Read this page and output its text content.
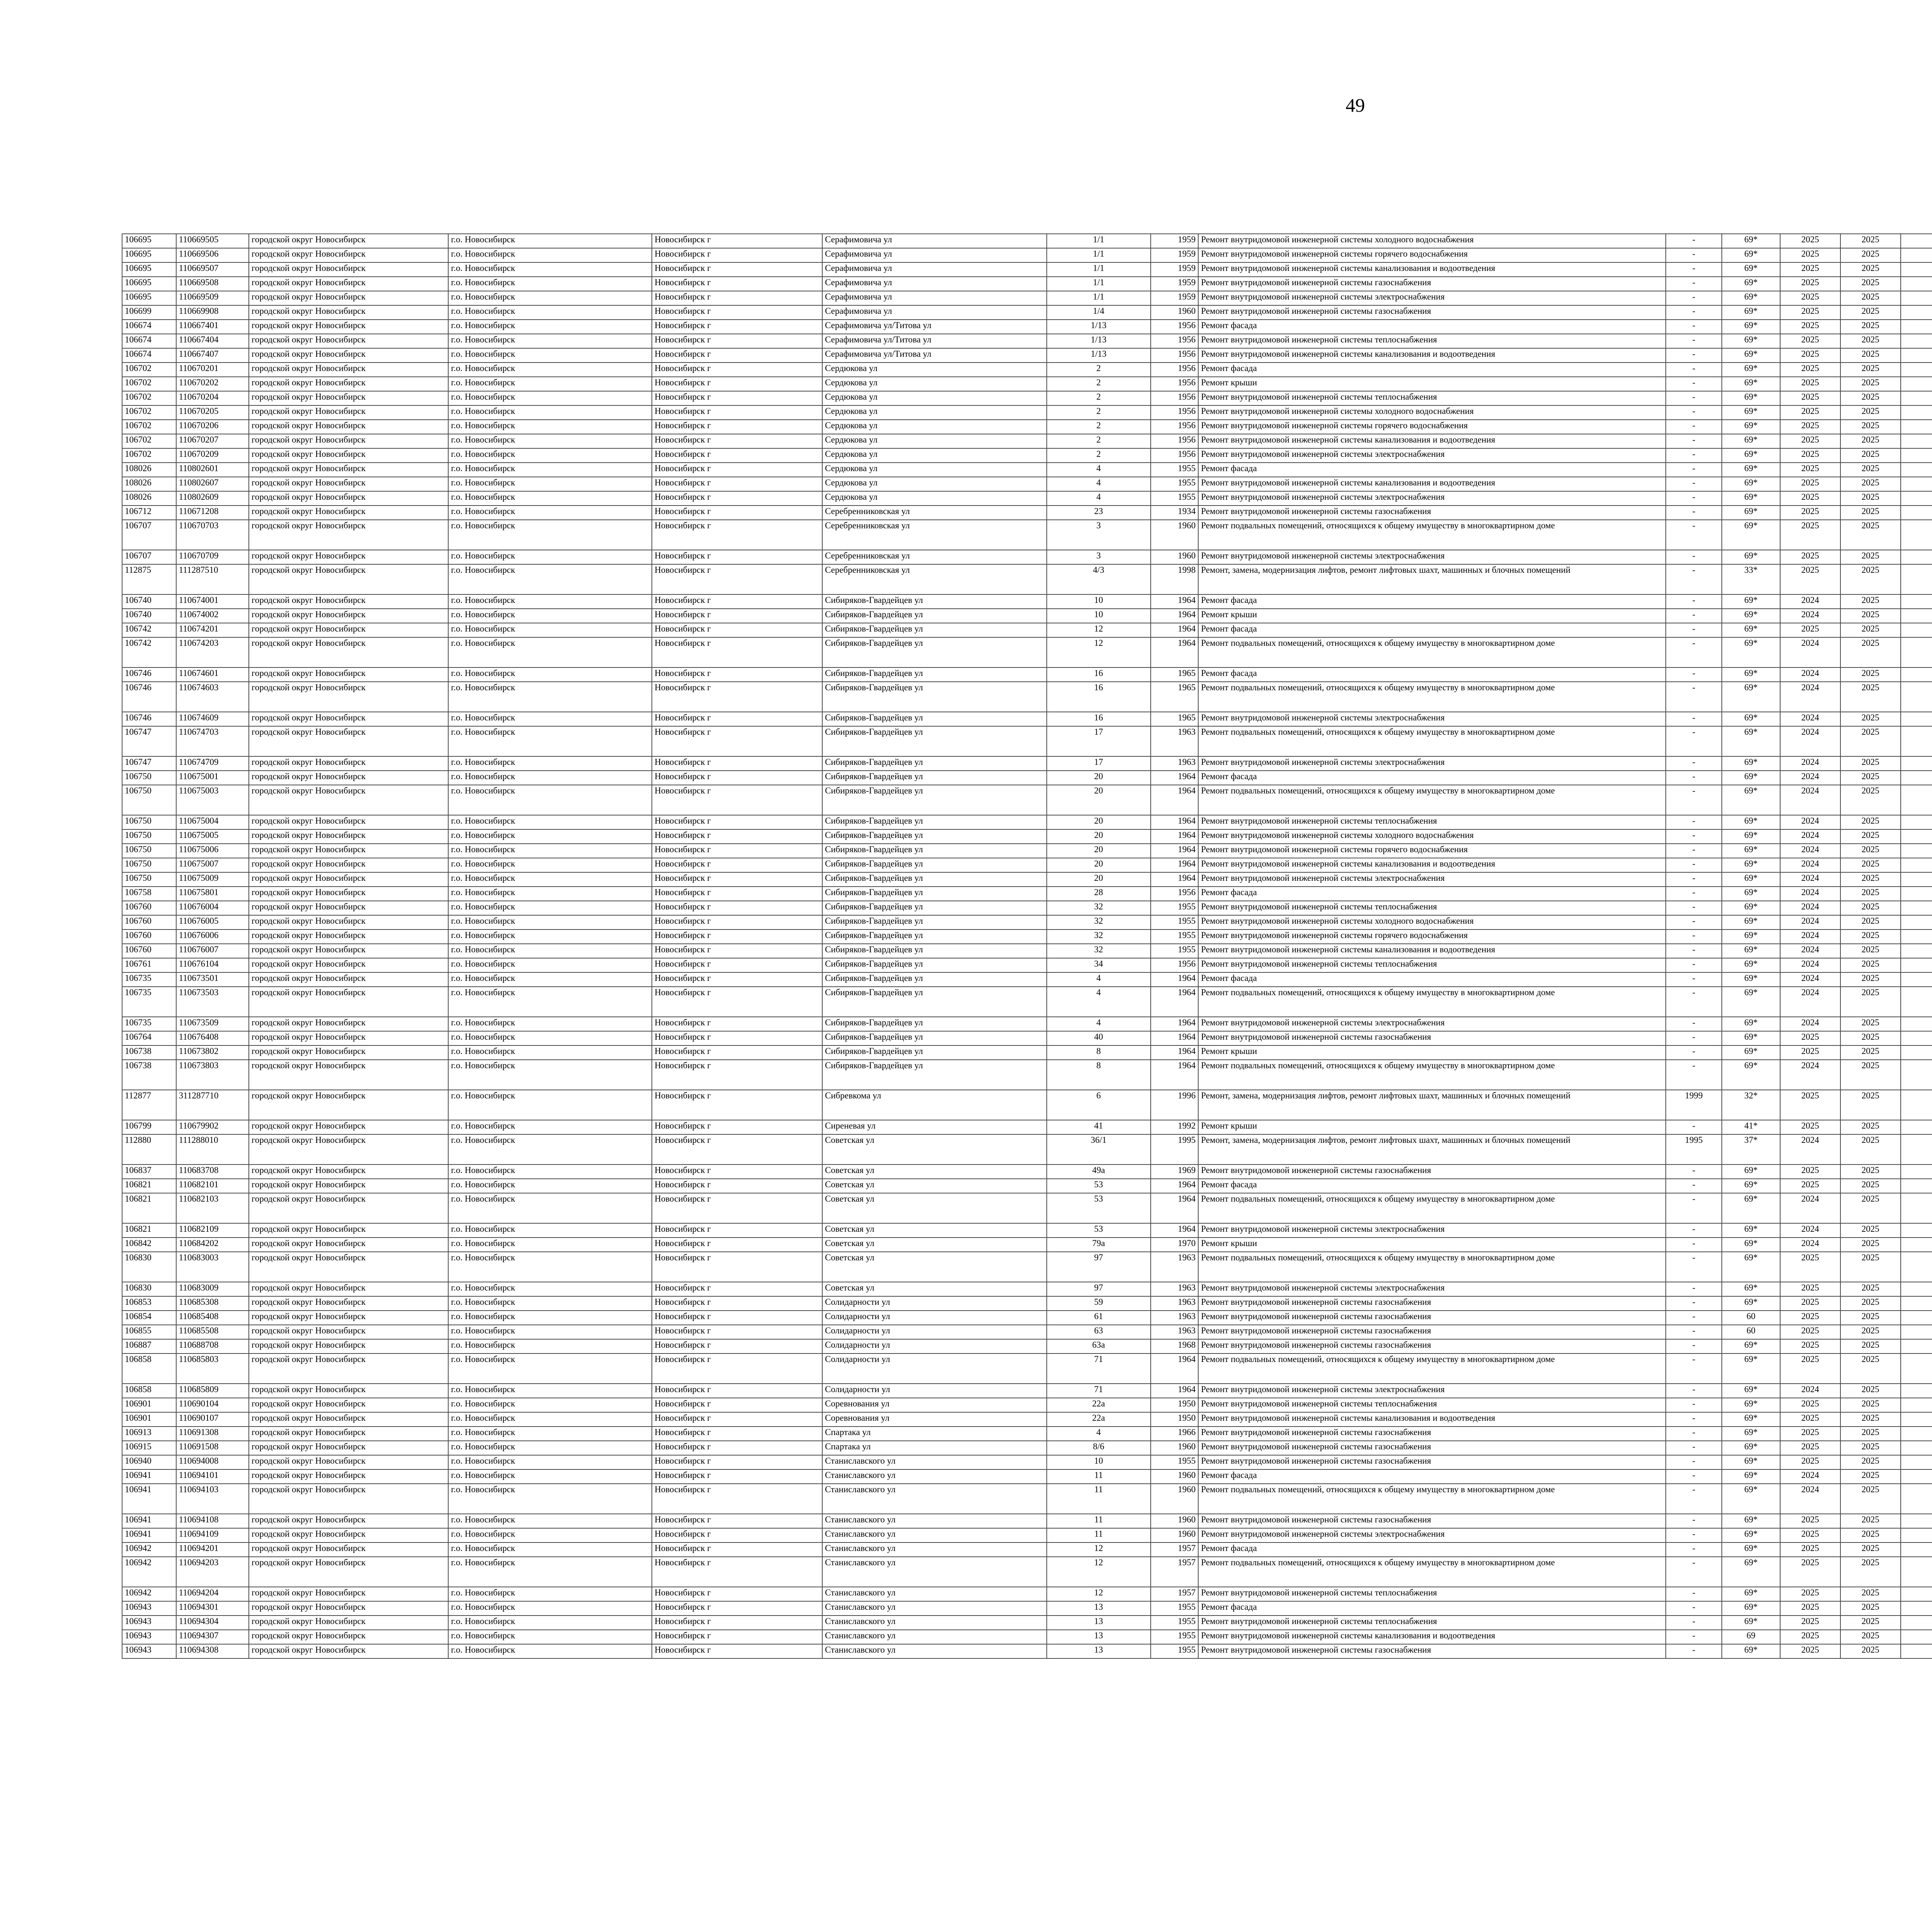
49
106695	110669505	городской округ Новосибирск	г.о. Новосибирск	Новосибирск г	Серафимовича ул	1/1	1959	Ремонт внутридомовой инженерной системы холодного водоснабжения	-	69*	2025	2025							
106695	110669506	городской округ Новосибирск	г.о. Новосибирск	Новосибирск г	Серафимовича ул	1/1	1959	Ремонт внутридомовой инженерной системы горячего водоснабжения	-	69*	2025	2025							
106695	110669507	городской округ Новосибирск	г.о. Новосибирск	Новосибирск г	Серафимовича ул	1/1	1959	Ремонт внутридомовой инженерной системы канализования и водоотведения	-	69*	2025	2025							
106695	110669508	городской округ Новосибирск	г.о. Новосибирск	Новосибирск г	Серафимовича ул	1/1	1959	Ремонт внутридомовой инженерной системы газоснабжения	-	69*	2025	2025							
106695	110669509	городской округ Новосибирск	г.о. Новосибирск	Новосибирск г	Серафимовича ул	1/1	1959	Ремонт внутридомовой инженерной системы электроснабжения	-	69*	2025	2025							
106699	110669908	городской округ Новосибирск	г.о. Новосибирск	Новосибирск г	Серафимовича ул	1/4	1960	Ремонт внутридомовой инженерной системы газоснабжения	-	69*	2025	2025							
106674	110667401	городской округ Новосибирск	г.о. Новосибирск	Новосибирск г	Серафимовича ул/Титова ул	1/13	1956	Ремонт фасада	-	69*	2025	2025							
106674	110667404	городской округ Новосибирск	г.о. Новосибирск	Новосибирск г	Серафимовича ул/Титова ул	1/13	1956	Ремонт внутридомовой инженерной системы теплоснабжения	-	69*	2025	2025							
106674	110667407	городской округ Новосибирск	г.о. Новосибирск	Новосибирск г	Серафимовича ул/Титова ул	1/13	1956	Ремонт внутридомовой инженерной системы канализования и водоотведения	-	69*	2025	2025							
106702	110670201	городской округ Новосибирск	г.о. Новосибирск	Новосибирск г	Сердюкова ул	2	1956	Ремонт фасада	-	69*	2025	2025							
106702	110670202	городской округ Новосибирск	г.о. Новосибирск	Новосибирск г	Сердюкова ул	2	1956	Ремонт крыши	-	69*	2025	2025							
106702	110670204	городской округ Новосибирск	г.о. Новосибирск	Новосибирск г	Сердюкова ул	2	1956	Ремонт внутридомовой инженерной системы теплоснабжения	-	69*	2025	2025							
106702	110670205	городской округ Новосибирск	г.о. Новосибирск	Новосибирск г	Сердюкова ул	2	1956	Ремонт внутридомовой инженерной системы холодного водоснабжения	-	69*	2025	2025							
106702	110670206	городской округ Новосибирск	г.о. Новосибирск	Новосибирск г	Сердюкова ул	2	1956	Ремонт внутридомовой инженерной системы горячего водоснабжения	-	69*	2025	2025							
106702	110670207	городской округ Новосибирск	г.о. Новосибирск	Новосибирск г	Сердюкова ул	2	1956	Ремонт внутридомовой инженерной системы канализования и водоотведения	-	69*	2025	2025							
106702	110670209	городской округ Новосибирск	г.о. Новосибирск	Новосибирск г	Сердюкова ул	2	1956	Ремонт внутридомовой инженерной системы электроснабжения	-	69*	2025	2025							
108026	110802601	городской округ Новосибирск	г.о. Новосибирск	Новосибирск г	Сердюкова ул	4	1955	Ремонт фасада	-	69*	2025	2025							
108026	110802607	городской округ Новосибирск	г.о. Новосибирск	Новосибирск г	Сердюкова ул	4	1955	Ремонт внутридомовой инженерной системы канализования и водоотведения	-	69*	2025	2025							
108026	110802609	городской округ Новосибирск	г.о. Новосибирск	Новосибирск г	Сердюкова ул	4	1955	Ремонт внутридомовой инженерной системы электроснабжения	-	69*	2025	2025							
106712	110671208	городской округ Новосибирск	г.о. Новосибирск	Новосибирск г	Серебренниковская ул	23	1934	Ремонт внутридомовой инженерной системы газоснабжения	-	69*	2025	2025							
106707	110670703	городской округ Новосибирск	г.о. Новосибирск	Новосибирск г	Серебренниковская ул	3	1960	Ремонт подвальных помещений, относящихся к общему имуществу в многоквартирном доме	-	69*	2025	2025							
106707	110670709	городской округ Новосибирск	г.о. Новосибирск	Новосибирск г	Серебренниковская ул	3	1960	Ремонт внутридомовой инженерной системы электроснабжения	-	69*	2025	2025							
112875	111287510	городской округ Новосибирск	г.о. Новосибирск	Новосибирск г	Серебренниковская ул	4/3	1998	Ремонт, замена, модернизация лифтов, ремонт лифтовых шахт, машинных и блочных помещений	-	33*	2025	2025							
106740	110674001	городской округ Новосибирск	г.о. Новосибирск	Новосибирск г	Сибиряков-Гвардейцев ул	10	1964	Ремонт фасада	-	69*	2024	2025							
106740	110674002	городской округ Новосибирск	г.о. Новосибирск	Новосибирск г	Сибиряков-Гвардейцев ул	10	1964	Ремонт крыши	-	69*	2024	2025							
106742	110674201	городской округ Новосибирск	г.о. Новосибирск	Новосибирск г	Сибиряков-Гвардейцев ул	12	1964	Ремонт фасада	-	69*	2025	2025							
106742	110674203	городской округ Новосибирск	г.о. Новосибирск	Новосибирск г	Сибиряков-Гвардейцев ул	12	1964	Ремонт подвальных помещений, относящихся к общему имуществу в многоквартирном доме	-	69*	2024	2025							
106746	110674601	городской округ Новосибирск	г.о. Новосибирск	Новосибирск г	Сибиряков-Гвардейцев ул	16	1965	Ремонт фасада	-	69*	2024	2025							
106746	110674603	городской округ Новосибирск	г.о. Новосибирск	Новосибирск г	Сибиряков-Гвардейцев ул	16	1965	Ремонт подвальных помещений, относящихся к общему имуществу в многоквартирном доме	-	69*	2024	2025							
106746	110674609	городской округ Новосибирск	г.о. Новосибирск	Новосибирск г	Сибиряков-Гвардейцев ул	16	1965	Ремонт внутридомовой инженерной системы электроснабжения	-	69*	2024	2025							
106747	110674703	городской округ Новосибирск	г.о. Новосибирск	Новосибирск г	Сибиряков-Гвардейцев ул	17	1963	Ремонт подвальных помещений, относящихся к общему имуществу в многоквартирном доме	-	69*	2024	2025							
106747	110674709	городской округ Новосибирск	г.о. Новосибирск	Новосибирск г	Сибиряков-Гвардейцев ул	17	1963	Ремонт внутридомовой инженерной системы электроснабжения	-	69*	2024	2025							
106750	110675001	городской округ Новосибирск	г.о. Новосибирск	Новосибирск г	Сибиряков-Гвардейцев ул	20	1964	Ремонт фасада	-	69*	2024	2025							
106750	110675003	городской округ Новосибирск	г.о. Новосибирск	Новосибирск г	Сибиряков-Гвардейцев ул	20	1964	Ремонт подвальных помещений, относящихся к общему имуществу в многоквартирном доме	-	69*	2024	2025							
106750	110675004	городской округ Новосибирск	г.о. Новосибирск	Новосибирск г	Сибиряков-Гвардейцев ул	20	1964	Ремонт внутридомовой инженерной системы теплоснабжения	-	69*	2024	2025							
106750	110675005	городской округ Новосибирск	г.о. Новосибирск	Новосибирск г	Сибиряков-Гвардейцев ул	20	1964	Ремонт внутридомовой инженерной системы холодного водоснабжения	-	69*	2024	2025							
106750	110675006	городской округ Новосибирск	г.о. Новосибирск	Новосибирск г	Сибиряков-Гвардейцев ул	20	1964	Ремонт внутридомовой инженерной системы горячего водоснабжения	-	69*	2024	2025							
106750	110675007	городской округ Новосибирск	г.о. Новосибирск	Новосибирск г	Сибиряков-Гвардейцев ул	20	1964	Ремонт внутридомовой инженерной системы канализования и водоотведения	-	69*	2024	2025							
106750	110675009	городской округ Новосибирск	г.о. Новосибирск	Новосибирск г	Сибиряков-Гвардейцев ул	20	1964	Ремонт внутридомовой инженерной системы электроснабжения	-	69*	2024	2025							
106758	110675801	городской округ Новосибирск	г.о. Новосибирск	Новосибирск г	Сибиряков-Гвардейцев ул	28	1956	Ремонт фасада	-	69*	2024	2025							
106760	110676004	городской округ Новосибирск	г.о. Новосибирск	Новосибирск г	Сибиряков-Гвардейцев ул	32	1955	Ремонт внутридомовой инженерной системы теплоснабжения	-	69*	2024	2025							
106760	110676005	городской округ Новосибирск	г.о. Новосибирск	Новосибирск г	Сибиряков-Гвардейцев ул	32	1955	Ремонт внутридомовой инженерной системы холодного водоснабжения	-	69*	2024	2025							
106760	110676006	городской округ Новосибирск	г.о. Новосибирск	Новосибирск г	Сибиряков-Гвардейцев ул	32	1955	Ремонт внутридомовой инженерной системы горячего водоснабжения	-	69*	2024	2025							
106760	110676007	городской округ Новосибирск	г.о. Новосибирск	Новосибирск г	Сибиряков-Гвардейцев ул	32	1955	Ремонт внутридомовой инженерной системы канализования и водоотведения	-	69*	2024	2025							
106761	110676104	городской округ Новосибирск	г.о. Новосибирск	Новосибирск г	Сибиряков-Гвардейцев ул	34	1956	Ремонт внутридомовой инженерной системы теплоснабжения	-	69*	2024	2025							
106735	110673501	городской округ Новосибирск	г.о. Новосибирск	Новосибирск г	Сибиряков-Гвардейцев ул	4	1964	Ремонт фасада	-	69*	2024	2025							
106735	110673503	городской округ Новосибирск	г.о. Новосибирск	Новосибирск г	Сибиряков-Гвардейцев ул	4	1964	Ремонт подвальных помещений, относящихся к общему имуществу в многоквартирном доме	-	69*	2024	2025							
106735	110673509	городской округ Новосибирск	г.о. Новосибирск	Новосибирск г	Сибиряков-Гвардейцев ул	4	1964	Ремонт внутридомовой инженерной системы электроснабжения	-	69*	2024	2025							
106764	110676408	городской округ Новосибирск	г.о. Новосибирск	Новосибирск г	Сибиряков-Гвардейцев ул	40	1964	Ремонт внутридомовой инженерной системы газоснабжения	-	69*	2025	2025							
106738	110673802	городской округ Новосибирск	г.о. Новосибирск	Новосибирск г	Сибиряков-Гвардейцев ул	8	1964	Ремонт крыши	-	69*	2025	2025							
106738	110673803	городской округ Новосибирск	г.о. Новосибирск	Новосибирск г	Сибиряков-Гвардейцев ул	8	1964	Ремонт подвальных помещений, относящихся к общему имуществу в многоквартирном доме	-	69*	2024	2025							
112877	311287710	городской округ Новосибирск	г.о. Новосибирск	Новосибирск г	Сибревкома ул	6	1996	Ремонт, замена, модернизация лифтов, ремонт лифтовых шахт, машинных и блочных помещений	1999	32*	2025	2025							
106799	110679902	городской округ Новосибирск	г.о. Новосибирск	Новосибирск г	Сиреневая ул	41	1992	Ремонт крыши	-	41*	2025	2025							
112880	111288010	городской округ Новосибирск	г.о. Новосибирск	Новосибирск г	Советская ул	36/1	1995	Ремонт, замена, модернизация лифтов, ремонт лифтовых шахт, машинных и блочных помещений	1995	37*	2024	2025							
106837	110683708	городской округ Новосибирск	г.о. Новосибирск	Новосибирск г	Советская ул	49а	1969	Ремонт внутридомовой инженерной системы газоснабжения	-	69*	2025	2025							
106821	110682101	городской округ Новосибирск	г.о. Новосибирск	Новосибирск г	Советская ул	53	1964	Ремонт фасада	-	69*	2025	2025							
106821	110682103	городской округ Новосибирск	г.о. Новосибирск	Новосибирск г	Советская ул	53	1964	Ремонт подвальных помещений, относящихся к общему имуществу в многоквартирном доме	-	69*	2024	2025							
106821	110682109	городской округ Новосибирск	г.о. Новосибирск	Новосибирск г	Советская ул	53	1964	Ремонт внутридомовой инженерной системы электроснабжения	-	69*	2024	2025							
106842	110684202	городской округ Новосибирск	г.о. Новосибирск	Новосибирск г	Советская ул	79а	1970	Ремонт крыши	-	69*	2024	2025							
106830	110683003	городской округ Новосибирск	г.о. Новосибирск	Новосибирск г	Советская ул	97	1963	Ремонт подвальных помещений, относящихся к общему имуществу в многоквартирном доме	-	69*	2025	2025							
106830	110683009	городской округ Новосибирск	г.о. Новосибирск	Новосибирск г	Советская ул	97	1963	Ремонт внутридомовой инженерной системы электроснабжения	-	69*	2025	2025							
106853	110685308	городской округ Новосибирск	г.о. Новосибирск	Новосибирск г	Солидарности ул	59	1963	Ремонт внутридомовой инженерной системы газоснабжения	-	69*	2025	2025							
106854	110685408	городской округ Новосибирск	г.о. Новосибирск	Новосибирск г	Солидарности ул	61	1963	Ремонт внутридомовой инженерной системы газоснабжения	-	60	2025	2025							
106855	110685508	городской округ Новосибирск	г.о. Новосибирск	Новосибирск г	Солидарности ул	63	1963	Ремонт внутридомовой инженерной системы газоснабжения	-	60	2025	2025							
106887	110688708	городской округ Новосибирск	г.о. Новосибирск	Новосибирск г	Солидарности ул	63а	1968	Ремонт внутридомовой инженерной системы газоснабжения	-	69*	2025	2025							
106858	110685803	городской округ Новосибирск	г.о. Новосибирск	Новосибирск г	Солидарности ул	71	1964	Ремонт подвальных помещений, относящихся к общему имуществу в многоквартирном доме	-	69*	2025	2025							
106858	110685809	городской округ Новосибирск	г.о. Новосибирск	Новосибирск г	Солидарности ул	71	1964	Ремонт внутридомовой инженерной системы электроснабжения	-	69*	2024	2025							
106901	110690104	городской округ Новосибирск	г.о. Новосибирск	Новосибирск г	Соревнования ул	22а	1950	Ремонт внутридомовой инженерной системы теплоснабжения	-	69*	2025	2025							
106901	110690107	городской округ Новосибирск	г.о. Новосибирск	Новосибирск г	Соревнования ул	22а	1950	Ремонт внутридомовой инженерной системы канализования и водоотведения	-	69*	2025	2025							
106913	110691308	городской округ Новосибирск	г.о. Новосибирск	Новосибирск г	Спартака ул	4	1966	Ремонт внутридомовой инженерной системы газоснабжения	-	69*	2025	2025							
106915	110691508	городской округ Новосибирск	г.о. Новосибирск	Новосибирск г	Спартака ул	8/6	1960	Ремонт внутридомовой инженерной системы газоснабжения	-	69*	2025	2025							
106940	110694008	городской округ Новосибирск	г.о. Новосибирск	Новосибирск г	Станиславского ул	10	1955	Ремонт внутридомовой инженерной системы газоснабжения	-	69*	2025	2025							
106941	110694101	городской округ Новосибирск	г.о. Новосибирск	Новосибирск г	Станиславского ул	11	1960	Ремонт фасада	-	69*	2024	2025							
106941	110694103	городской округ Новосибирск	г.о. Новосибирск	Новосибирск г	Станиславского ул	11	1960	Ремонт подвальных помещений, относящихся к общему имуществу в многоквартирном доме	-	69*	2024	2025							
106941	110694108	городской округ Новосибирск	г.о. Новосибирск	Новосибирск г	Станиславского ул	11	1960	Ремонт внутридомовой инженерной системы газоснабжения	-	69*	2025	2025							
106941	110694109	городской округ Новосибирск	г.о. Новосибирск	Новосибирск г	Станиславского ул	11	1960	Ремонт внутридомовой инженерной системы электроснабжения	-	69*	2025	2025							
106942	110694201	городской округ Новосибирск	г.о. Новосибирск	Новосибирск г	Станиславского ул	12	1957	Ремонт фасада	-	69*	2025	2025							
106942	110694203	городской округ Новосибирск	г.о. Новосибирск	Новосибирск г	Станиславского ул	12	1957	Ремонт подвальных помещений, относящихся к общему имуществу в многоквартирном доме	-	69*	2025	2025							
106942	110694204	городской округ Новосибирск	г.о. Новосибирск	Новосибирск г	Станиславского ул	12	1957	Ремонт внутридомовой инженерной системы теплоснабжения	-	69*	2025	2025							
106943	110694301	городской округ Новосибирск	г.о. Новосибирск	Новосибирск г	Станиславского ул	13	1955	Ремонт фасада	-	69*	2025	2025							
106943	110694304	городской округ Новосибирск	г.о. Новосибирск	Новосибирск г	Станиславского ул	13	1955	Ремонт внутридомовой инженерной системы теплоснабжения	-	69*	2025	2025							
106943	110694307	городской округ Новосибирск	г.о. Новосибирск	Новосибирск г	Станиславского ул	13	1955	Ремонт внутридомовой инженерной системы канализования и водоотведения	-	69	2025	2025							
106943	110694308	городской округ Новосибирск	г.о. Новосибирск	Новосибирск г	Станиславского ул	13	1955	Ремонт внутридомовой инженерной системы газоснабжения	-	69*	2025	2025							
